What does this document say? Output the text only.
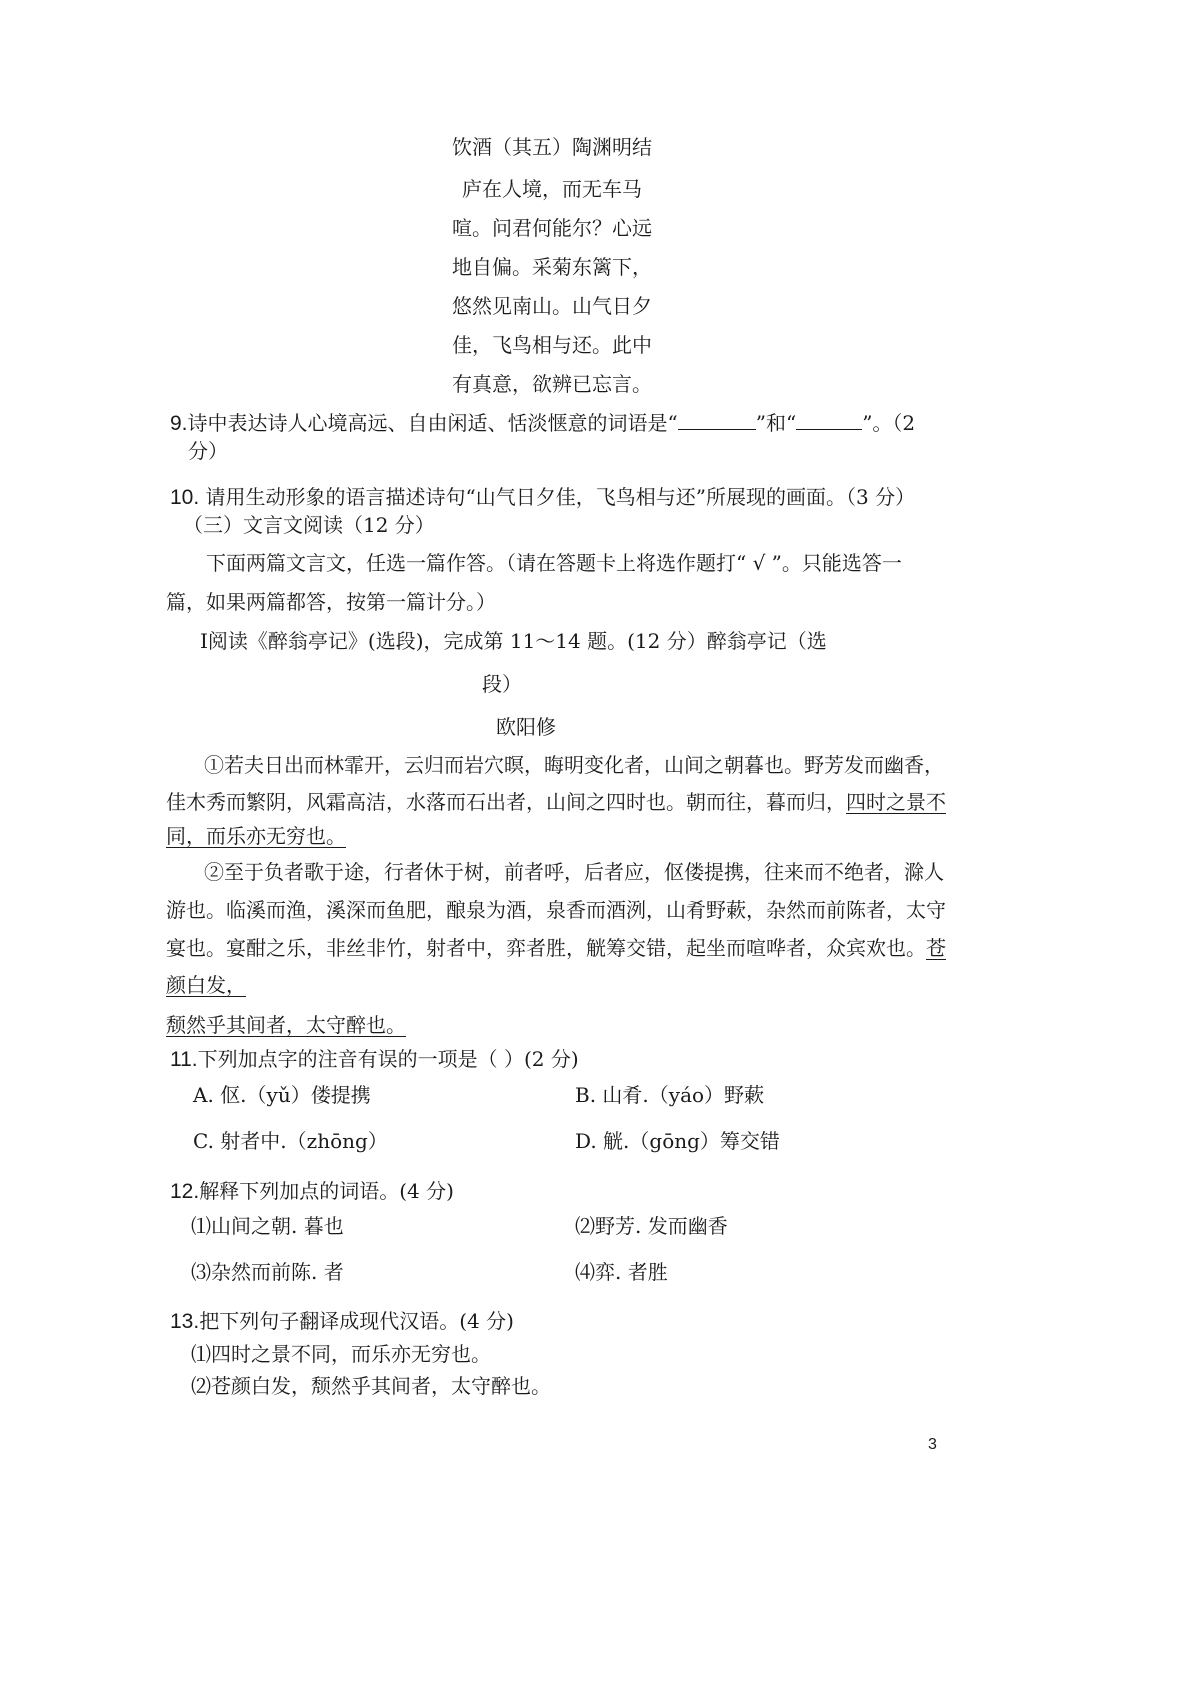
饮酒（其五）陶渊明结
庐在人境，而无车马
喧。问君何能尔？心远
地自偏。采菊东篱下，
悠然见南山。山气日夕
佳，飞鸟相与还。此中
有真意，欲辨已忘言。
9.诗中表达诗人心境高远、自由闲适、恬淡惬意的词语是“	”和“	”。（2
分）
10. 请用生动形象的语言描述诗句“山气日夕佳，飞鸟相与还”所展现的画面。（3 分）
（三）文言文阅读（12 分）
下面两篇文言文，任选一篇作答。（请在答题卡上将选作题打“ √ ”。只能选答一
篇，如果两篇都答，按第一篇计分。）
Ⅰ阅读《醉翁亭记》(选段)，完成第 11～14 题。(12 分）醉翁亭记（选
段）
欧阳修
①若夫日出而林霏开，云归而岩穴暝，晦明变化者，山间之朝暮也。野芳发而幽香，
佳木秀而繁阴，风霜高洁，水落而石出者，山间之四时也。朝而往，暮而归，四时之景不
同，而乐亦无穷也。
②至于负者歌于途，行者休于树，前者呼，后者应，伛偻提携，往来而不绝者，滁人
游也。临溪而渔，溪深而鱼肥，酿泉为酒，泉香而酒洌，山肴野蔌，杂然而前陈者，太守
宴也。宴酣之乐，非丝非竹，射者中，弈者胜，觥筹交错，起坐而喧哗者，众宾欢也。苍
颜白发，
颓然乎其间者，太守醉也。
11.下列加点字的注音有误的一项是（ ）(2 分)
A. 伛.（yǔ）偻提携	B. 山肴.（yáo）野蔌
C. 射者中.（zhōng）	D. 觥.（gōng）筹交错
12.解释下列加点的词语。(4 分)
⑴山间之朝. 暮也	⑵野芳. 发而幽香
⑶杂然而前陈. 者	⑷弈. 者胜
13.把下列句子翻译成现代汉语。(4 分)
⑴四时之景不同，而乐亦无穷也。
⑵苍颜白发，颓然乎其间者，太守醉也。
3
